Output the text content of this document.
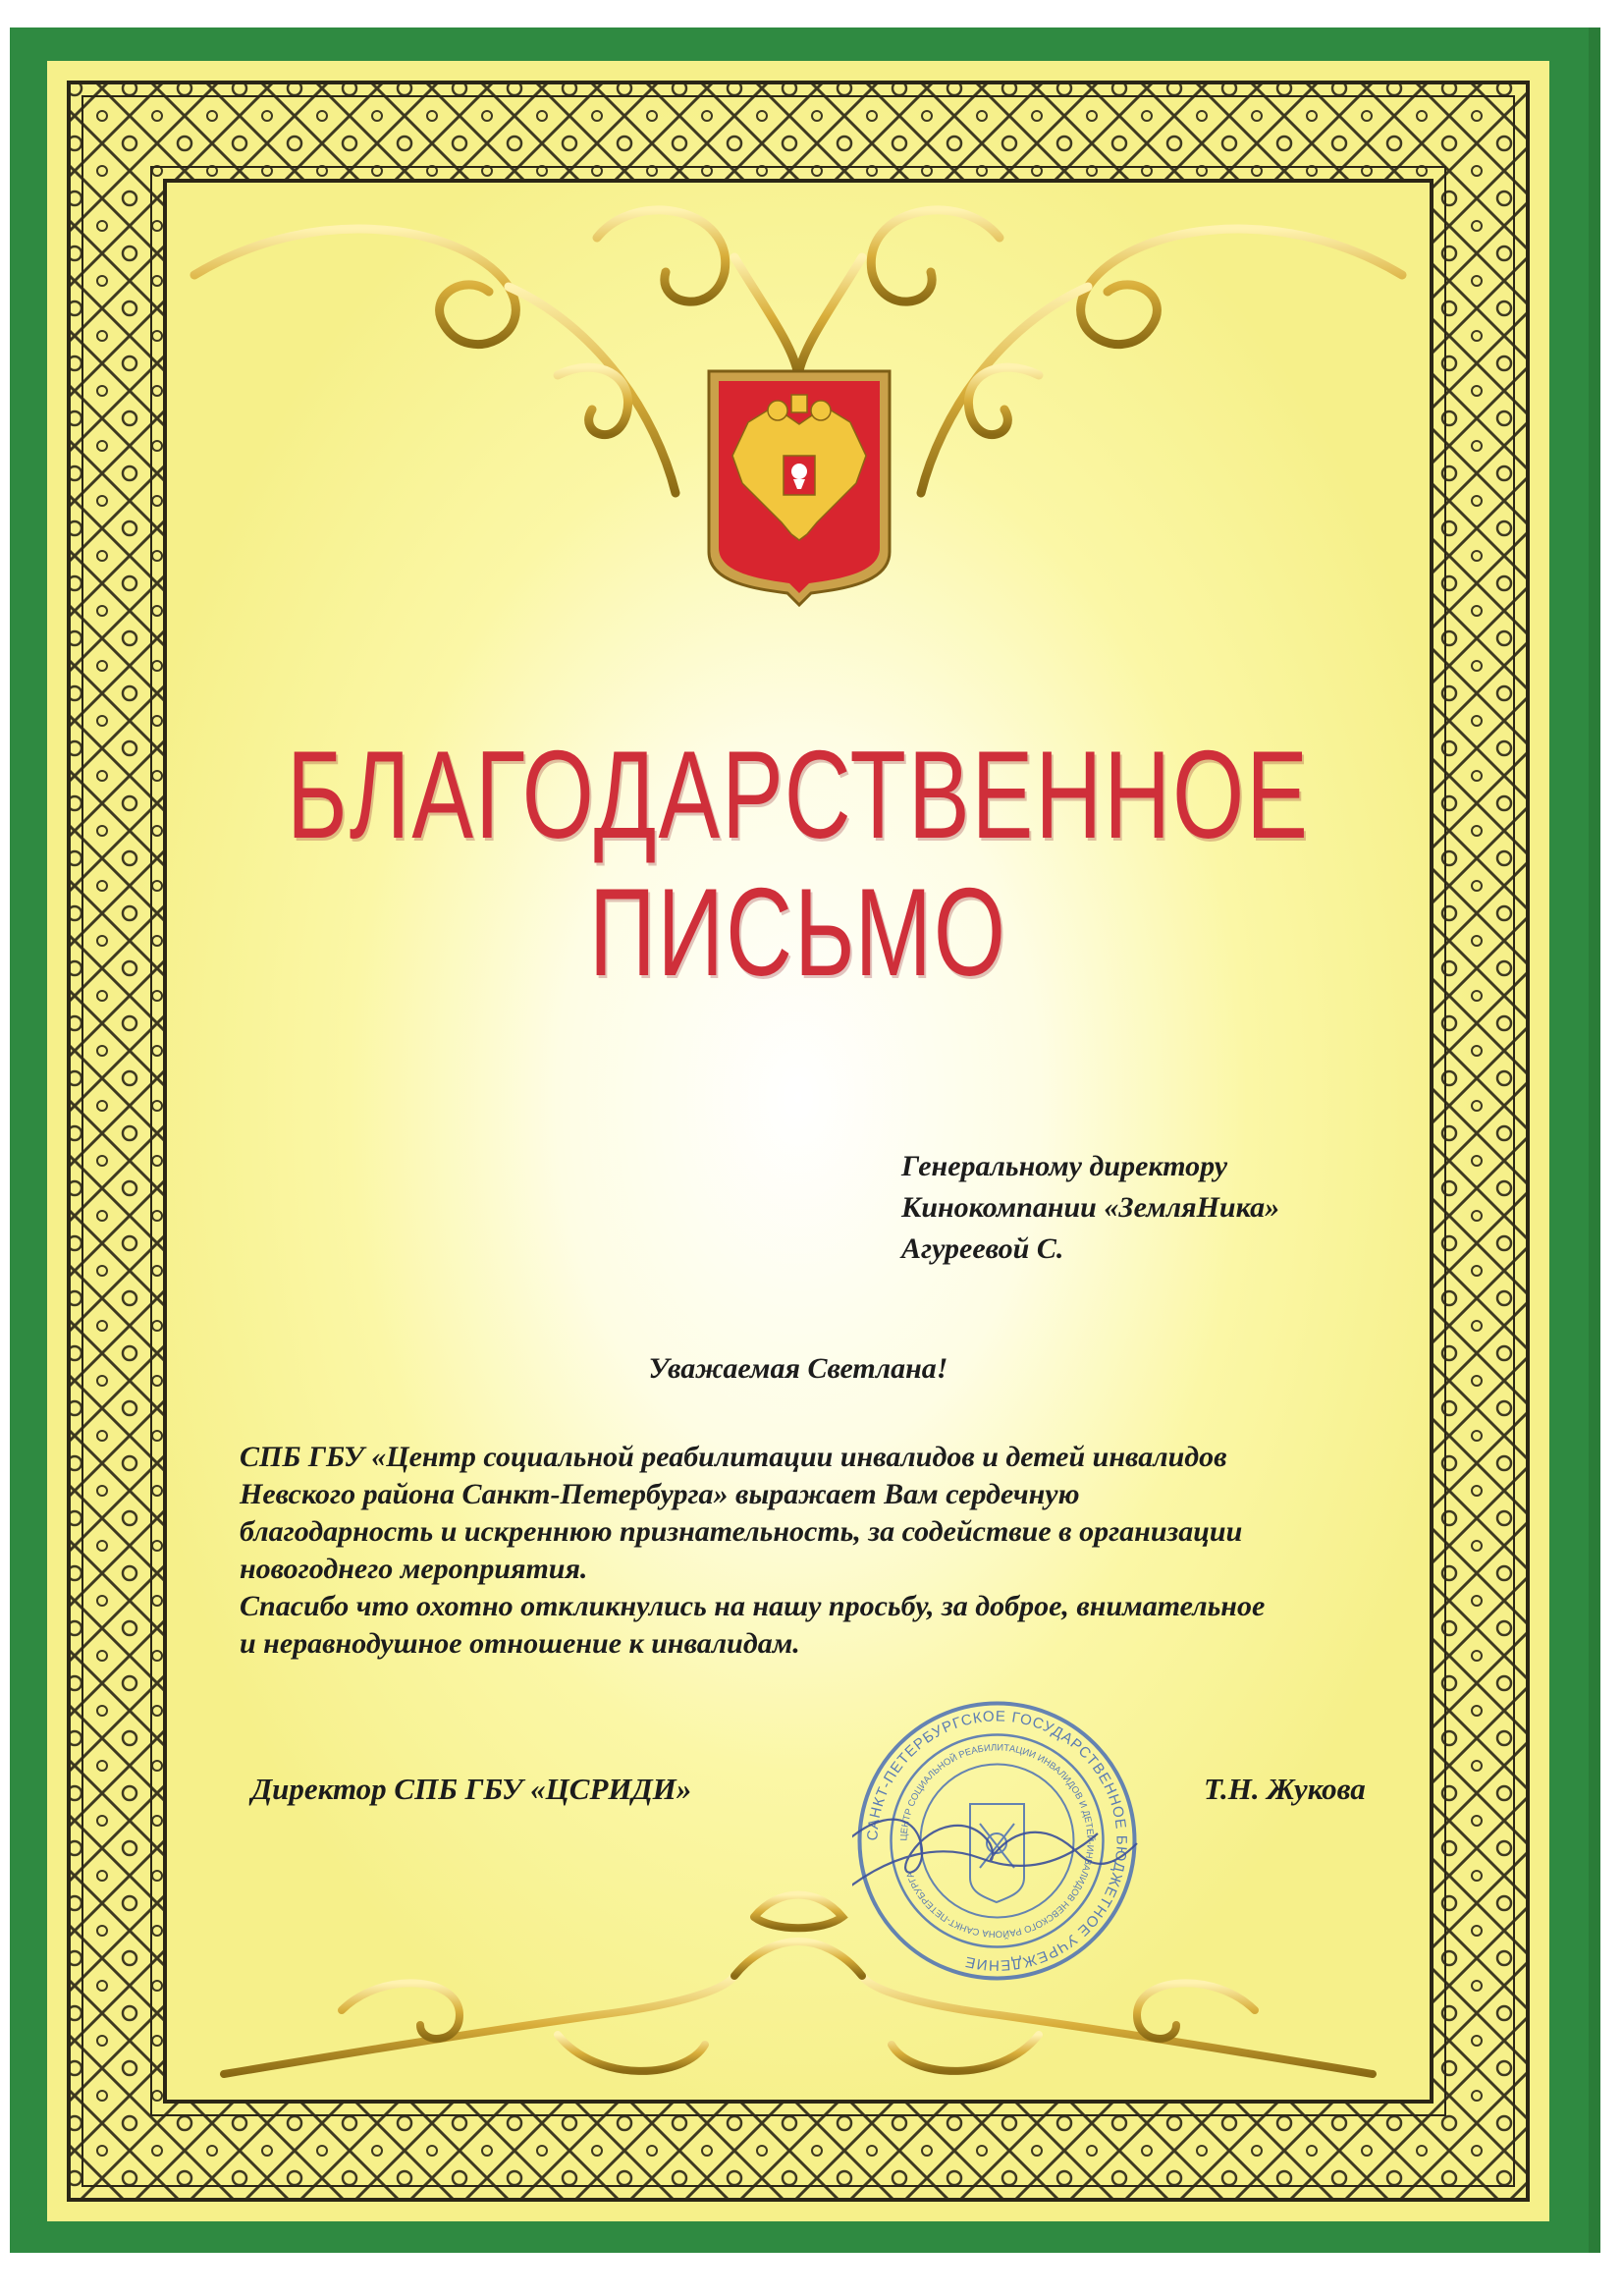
БЛАГОДАРСТВЕННОЕ
ПИСЬМО
Генеральному директору
Кинокомпании «ЗемляНика»
Агуреевой С.
Уважаемая Светлана!
СПБ ГБУ «Центр социальной реабилитации инвалидов и детей инвалидов
Невского района Санкт-Петербурга» выражает Вам сердечную
благодарность и искреннюю признательность, за содействие в организации
новогоднего мероприятия.
Спасибо что охотно откликнулись на нашу просьбу, за доброе, внимательное
и неравнодушное отношение к инвалидам.
Директор СПБ ГБУ «ЦСРИДИ»	Т.Н. Жукова
САНКТ-ПЕТЕРБУРГСКОЕ ГОСУДАРСТВЕННОЕ БЮДЖЕТНОЕ УЧРЕЖДЕНИЕ
ЦЕНТР СОЦИАЛЬНОЙ РЕАБИЛИТАЦИИ ИНВАЛИДОВ И ДЕТЕЙ-ИНВАЛИДОВ НЕВСКОГО РАЙОНА САНКТ-ПЕТЕРБУРГА
